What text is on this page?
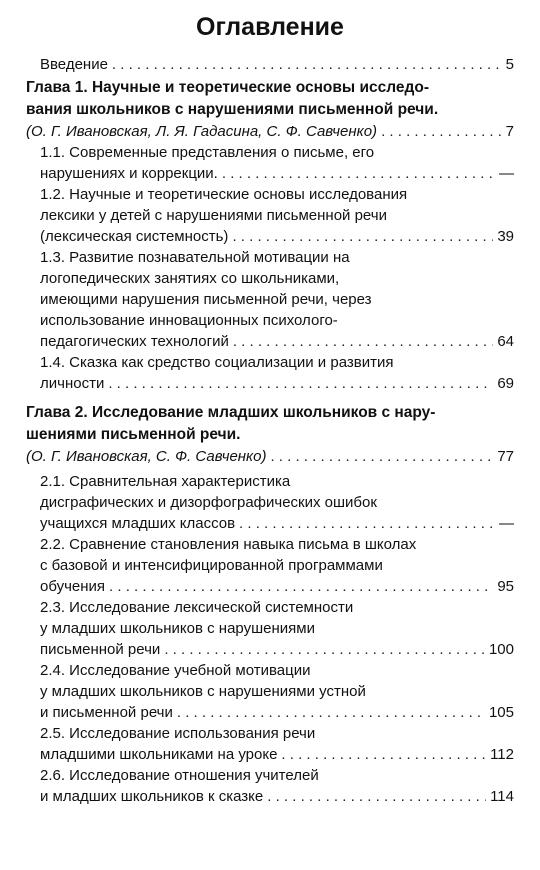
Оглавление
Введение . . .	5
Глава 1. Научные и теоретические основы исследо-
вания школьников с нарушениями письменной речи.
(О. Г. Ивановская, Л. Я. Гадасина, С. Ф. Савченко) . . .	7
1.1. Современные представления о письме, его
нарушениях и коррекции. . . .	—
1.2. Научные и теоретические основы исследования
лексики у детей с нарушениями письменной речи
(лексическая системность) . . .	39
1.3. Развитие познавательной мотивации на
логопедических занятиях со школьниками,
имеющими нарушения письменной речи, через
использование инновационных психолого-
педагогических технологий . . .	64
1.4. Сказка как средство социализации и развития
личности . . .	69
Глава 2. Исследование младших школьников с нару-
шениями письменной речи.
(О. Г. Ивановская, С. Ф. Савченко) . . .	77
2.1. Сравнительная характеристика
дисграфических и дизорфографических ошибок
учащихся младших классов . . .	—
2.2. Сравнение становления навыка письма в школах
с базовой и интенсифицированной программами
обучения . . .	95
2.3. Исследование лексической системности
у младших школьников с нарушениями
письменной речи . . .	100
2.4. Исследование учебной мотивации
у младших школьников с нарушениями устной
и письменной речи . . .	105
2.5. Исследование использования речи
младшими школьниками на уроке . . .	112
2.6. Исследование отношения учителей
и младших школьников к сказке . . .	114
